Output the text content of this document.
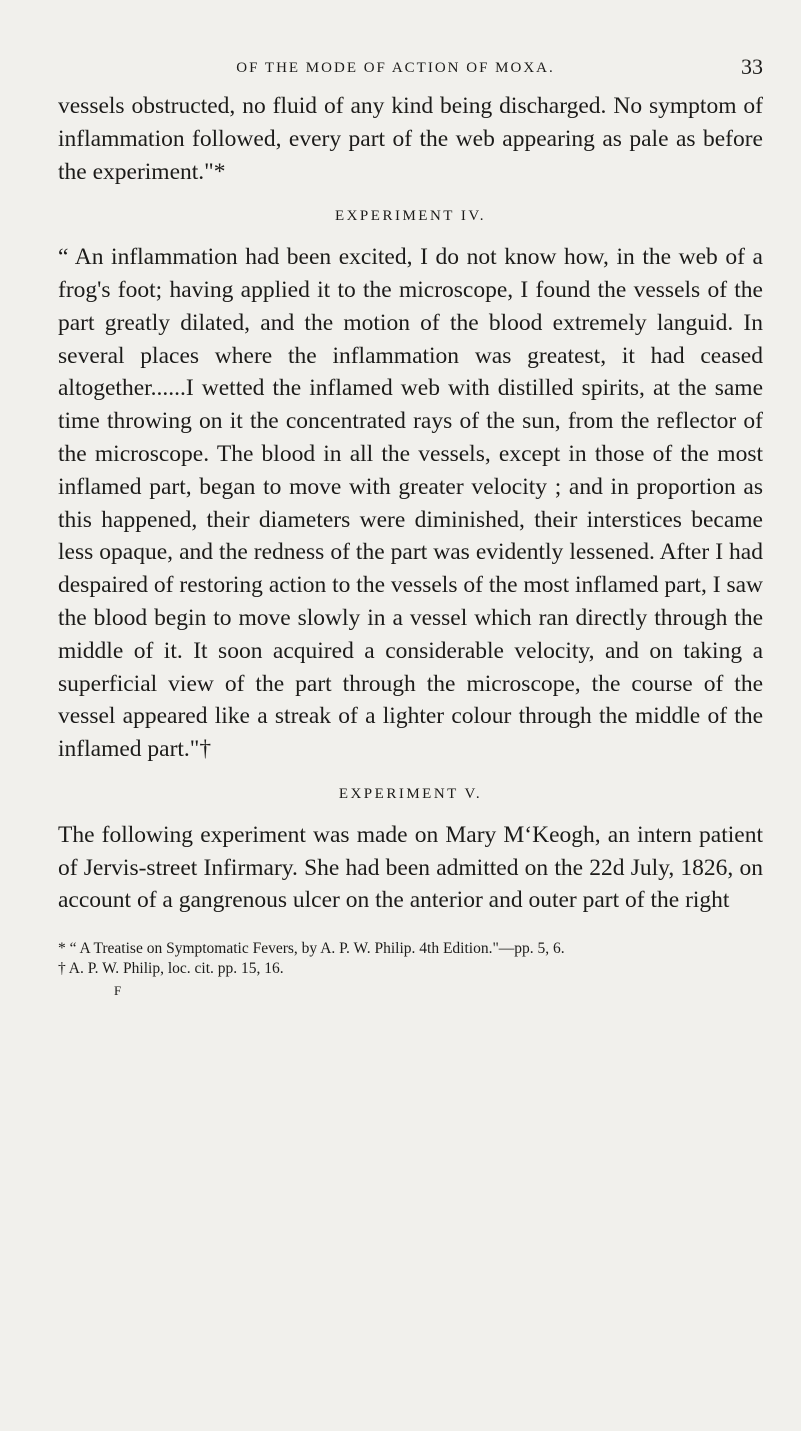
OF THE MODE OF ACTION OF MOXA.	33

vessels obstructed, no fluid of any kind being discharged. No symptom of inflammation followed, every part of the web appearing as pale as before the experiment."*

EXPERIMENT IV.

“ An inflammation had been excited, I do not know how, in the web of a frog's foot; having applied it to the microscope, I found the vessels of the part greatly dilated, and the motion of the blood extremely languid. In several places where the inflammation was greatest, it had ceased altogether......I wetted the inflamed web with distilled spirits, at the same time throwing on it the concentrated rays of the sun, from the reflector of the microscope. The blood in all the vessels, except in those of the most inflamed part, began to move with greater velocity ; and in proportion as this happened, their diameters were diminished, their interstices became less opaque, and the redness of the part was evidently lessened. After I had despaired of restoring action to the vessels of the most inflamed part, I saw the blood begin to move slowly in a vessel which ran directly through the middle of it. It soon acquired a considerable velocity, and on taking a superficial view of the part through the microscope, the course of the vessel appeared like a streak of a lighter colour through the middle of the inflamed part."†

EXPERIMENT V.

The following experiment was made on Mary M‘Keogh, an intern patient of Jervis-street Infirmary. She had been admitted on the 22d July, 1826, on account of a gangrenous ulcer on the anterior and outer part of the right

* “ A Treatise on Symptomatic Fevers, by A. P. W. Philip. 4th Edition."—pp. 5, 6.

† A. P. W. Philip, loc. cit. pp. 15, 16.

F
